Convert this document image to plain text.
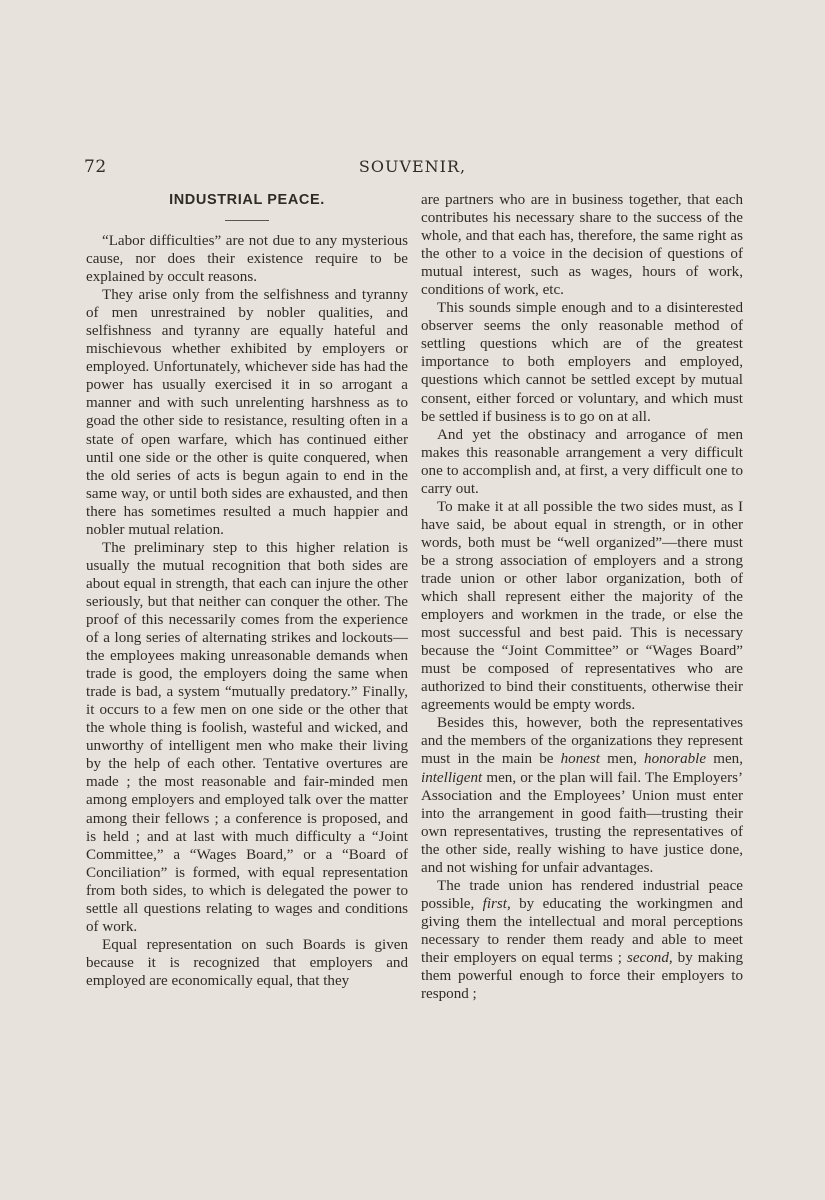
72	SOUVENIR,
INDUSTRIAL PEACE.

“Labor difficulties” are not due to any mysterious cause, nor does their existence require to be explained by occult reasons.

They arise only from the selfishness and tyranny of men unrestrained by nobler qualities, and selfishness and tyranny are equally hateful and mischievous whether exhibited by employers or employed. Unfortunately, whichever side has had the power has usually exercised it in so arrogant a manner and with such unrelenting harshness as to goad the other side to resistance, resulting often in a state of open warfare, which has continued either until one side or the other is quite conquered, when the old series of acts is begun again to end in the same way, or until both sides are exhausted, and then there has sometimes resulted a much happier and nobler mutual relation.

The preliminary step to this higher relation is usually the mutual recognition that both sides are about equal in strength, that each can injure the other seriously, but that neither can conquer the other. The proof of this necessarily comes from the experience of a long series of alternating strikes and lockouts—the employees making unreasonable demands when trade is good, the employers doing the same when trade is bad, a system “mutually predatory.” Finally, it occurs to a few men on one side or the other that the whole thing is foolish, wasteful and wicked, and unworthy of intelligent men who make their living by the help of each other. Tentative overtures are made ; the most reasonable and fair-minded men among employers and employed talk over the matter among their fellows ; a conference is proposed, and is held ; and at last with much difficulty a “Joint Committee,” a “Wages Board,” or a “Board of Conciliation” is formed, with equal representation from both sides, to which is delegated the power to settle all questions relating to wages and conditions of work.

Equal representation on such Boards is given because it is recognized that employers and employed are economically equal, that they

are partners who are in business together, that each contributes his necessary share to the success of the whole, and that each has, therefore, the same right as the other to a voice in the decision of questions of mutual interest, such as wages, hours of work, conditions of work, etc.

This sounds simple enough and to a disinterested observer seems the only reasonable method of settling questions which are of the greatest importance to both employers and employed, questions which cannot be settled except by mutual consent, either forced or voluntary, and which must be settled if business is to go on at all.

And yet the obstinacy and arrogance of men makes this reasonable arrangement a very difficult one to accomplish and, at first, a very difficult one to carry out.

To make it at all possible the two sides must, as I have said, be about equal in strength, or in other words, both must be “well organized”—there must be a strong association of employers and a strong trade union or other labor organization, both of which shall represent either the majority of the employers and workmen in the trade, or else the most successful and best paid. This is necessary because the “Joint Committee” or “Wages Board” must be composed of representatives who are authorized to bind their constituents, otherwise their agreements would be empty words.

Besides this, however, both the representatives and the members of the organizations they represent must in the main be honest men, honorable men, intelligent men, or the plan will fail. The Employers’ Association and the Employees’ Union must enter into the arrangement in good faith—trusting their own representatives, trusting the representatives of the other side, really wishing to have justice done, and not wishing for unfair advantages.

The trade union has rendered industrial peace possible, first, by educating the workingmen and giving them the intellectual and moral perceptions necessary to render them ready and able to meet their employers on equal terms ; second, by making them powerful enough to force their employers to respond ;
